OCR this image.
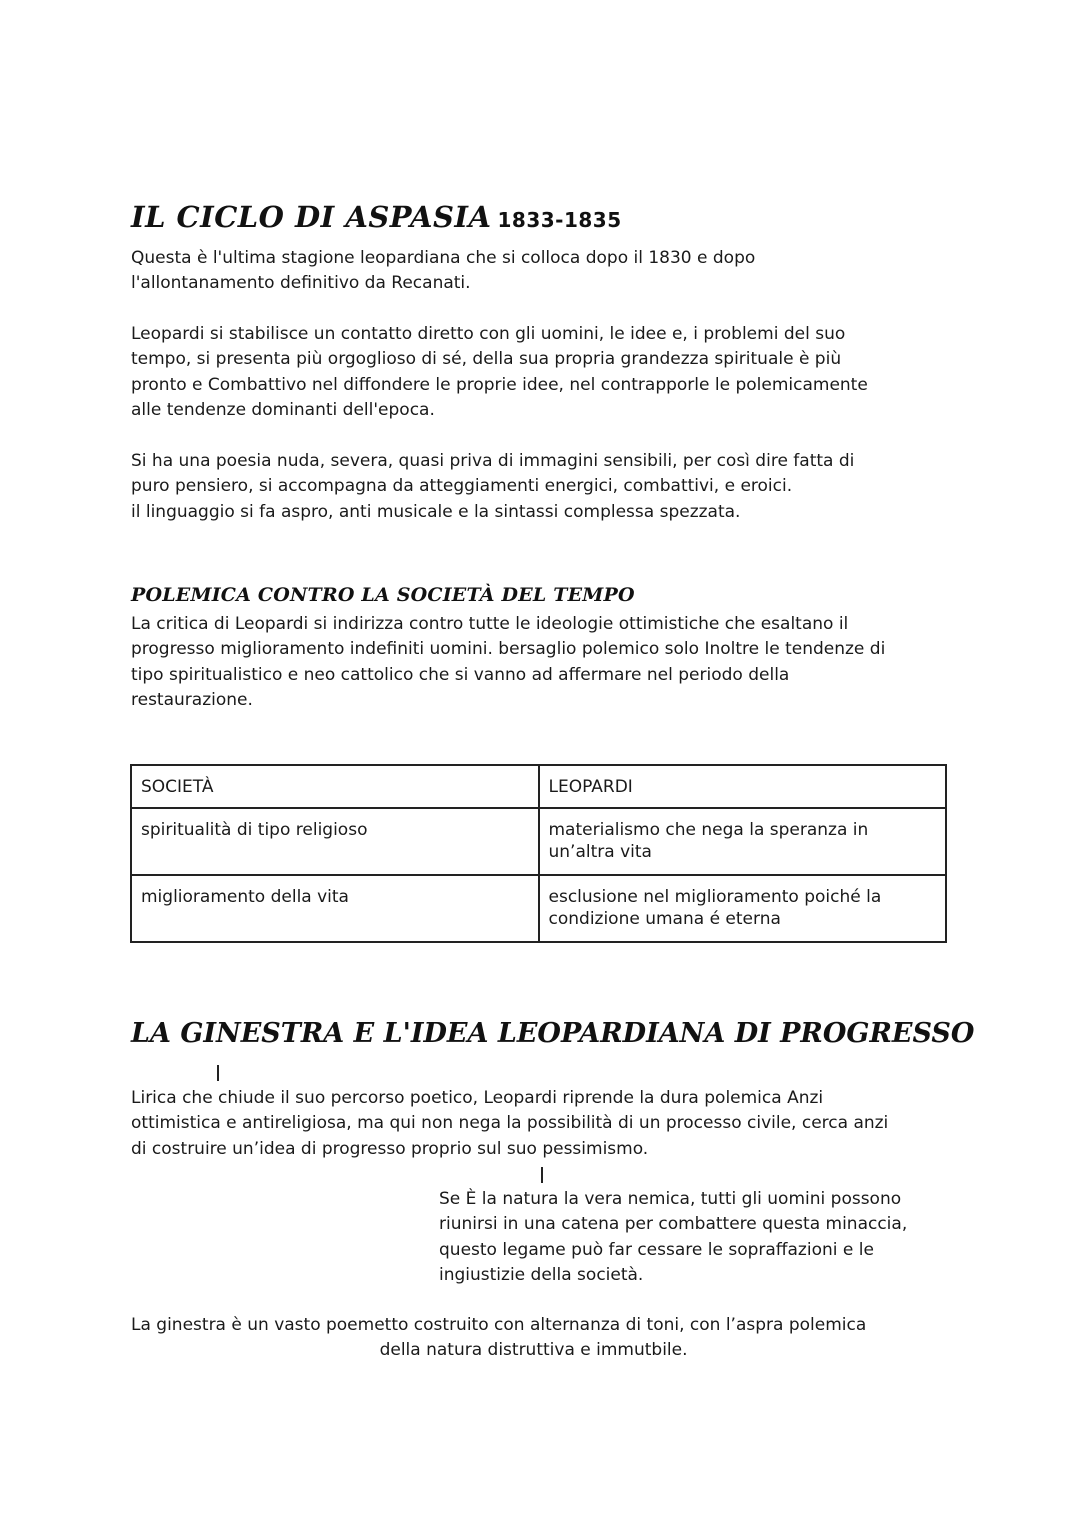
IL CICLO DI ASPASIA 1833-1835

Questa è l'ultima stagione leopardiana che si colloca dopo il 1830 e dopo
l'allontanamento definitivo da Recanati.

Leopardi si stabilisce un contatto diretto con gli uomini, le idee e, i problemi del suo
tempo, si presenta più orgoglioso di sé, della sua propria grandezza spirituale è più
pronto e Combattivo nel diffondere le proprie idee, nel contrapporle le polemicamente
alle tendenze dominanti dell'epoca.

Si ha una poesia nuda, severa, quasi priva di immagini sensibili, per così dire fatta di
puro pensiero, si accompagna da atteggiamenti energici, combattivi, e eroici.
il linguaggio si fa aspro, anti musicale e la sintassi complessa spezzata.

POLEMICA CONTRO LA SOCIETÀ DEL TEMPO

La critica di Leopardi si indirizza contro tutte le ideologie ottimistiche che esaltano il
progresso miglioramento indefiniti uomini. bersaglio polemico solo Inoltre le tendenze di
tipo spiritualistico e neo cattolico che si vanno ad affermare nel periodo della
restaurazione.

SOCIETÀ	LEOPARDI
spiritualità di tipo religioso	materialismo che nega la speranza in un’altra vita
miglioramento della vita	esclusione nel miglioramento poiché la condizione umana é eterna
LA GINESTRA E L'IDEA LEOPARDIANA DI PROGRESSO

Lirica che chiude il suo percorso poetico, Leopardi riprende la dura polemica Anzi
ottimistica e antireligiosa, ma qui non nega la possibilità di un processo civile, cerca anzi
di costruire un’idea di progresso proprio sul suo pessimismo.

Se È la natura la vera nemica, tutti gli uomini possono
riunirsi in una catena per combattere questa minaccia,
questo legame può far cessare le sopraffazioni e le
ingiustizie della società.

La ginestra è un vasto poemetto costruito con alternanza di toni, con l’aspra polemica
della natura distruttiva e immutbile.
